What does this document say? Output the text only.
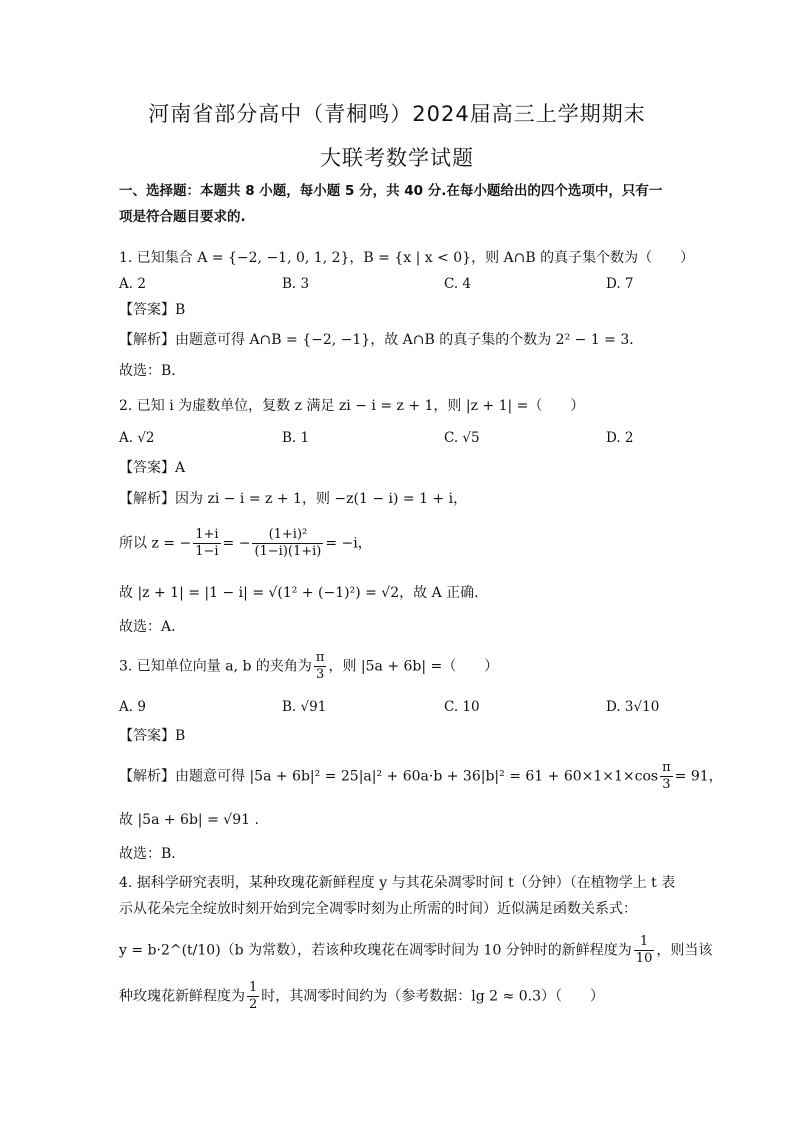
河南省部分高中（青桐鸣）2024届高三上学期期末
大联考数学试题
一、选择题：本题共 8 小题，每小题 5 分，共 40 分.在每小题给出的四个选项中，只有一
项是符合题目要求的.
1. 已知集合 A = {−2, −1, 0, 1, 2}，B = {x | x < 0}，则 A∩B 的真子集个数为（　　）
A. 2	B. 3	C. 4	D. 7
【答案】B
【解析】由题意可得 A∩B = {−2, −1}，故 A∩B 的真子集的个数为 2² − 1 = 3．
故选：B．
2. 已知 i 为虚数单位，复数 z 满足 zi − i = z + 1，则 |z + 1| =（　　）
A. √2	B. 1	C. √5	D. 2
【答案】A
【解析】因为 zi − i = z + 1，则 −z(1 − i) = 1 + i，
所以 z = − $\frac{1+i}{1-i}$ = − $\frac{\text{(1+i)²}}{(1-i)(1+i)} = -i$，
故 |z + 1| = |1 − i| = √(1² + (−1)²) = √2，故 A 正确.
故选：A．
3. 已知单位向量 a, b 的夹角为 $\frac{\pi}{3}$ ，则 |5a + 6b| =（　　）
A. 9	B. √91	C. 10	D. 3√10
【答案】B
【解析】由题意可得 $|5a + 6b|^2 = 25|a|^2 + 60a\cdot b + 36|b|^2 = 61 + 60\times 1\times 1\times\cos \frac{\pi}{3} = 91$，
故 |5a + 6b| = √91 .
故选：B.
4. 据科学研究表明，某种玫瑰花新鲜程度 y 与其花朵凋零时间 t（分钟）（在植物学上 t 表
示从花朵完全绽放时刻开始到完全凋零时刻为止所需的时间）近似满足函数关系式：
y = b·2^(t/10)（b 为常数），若该种玫瑰花在凋零时间为 10 分钟时的新鲜程度为 $\frac{1}{10}$ ，则当该
种玫瑰花新鲜程度为 $\frac{1}{2}$ 时，其凋零时间约为（参考数据：lg 2 ≈ 0.3）（　　）
